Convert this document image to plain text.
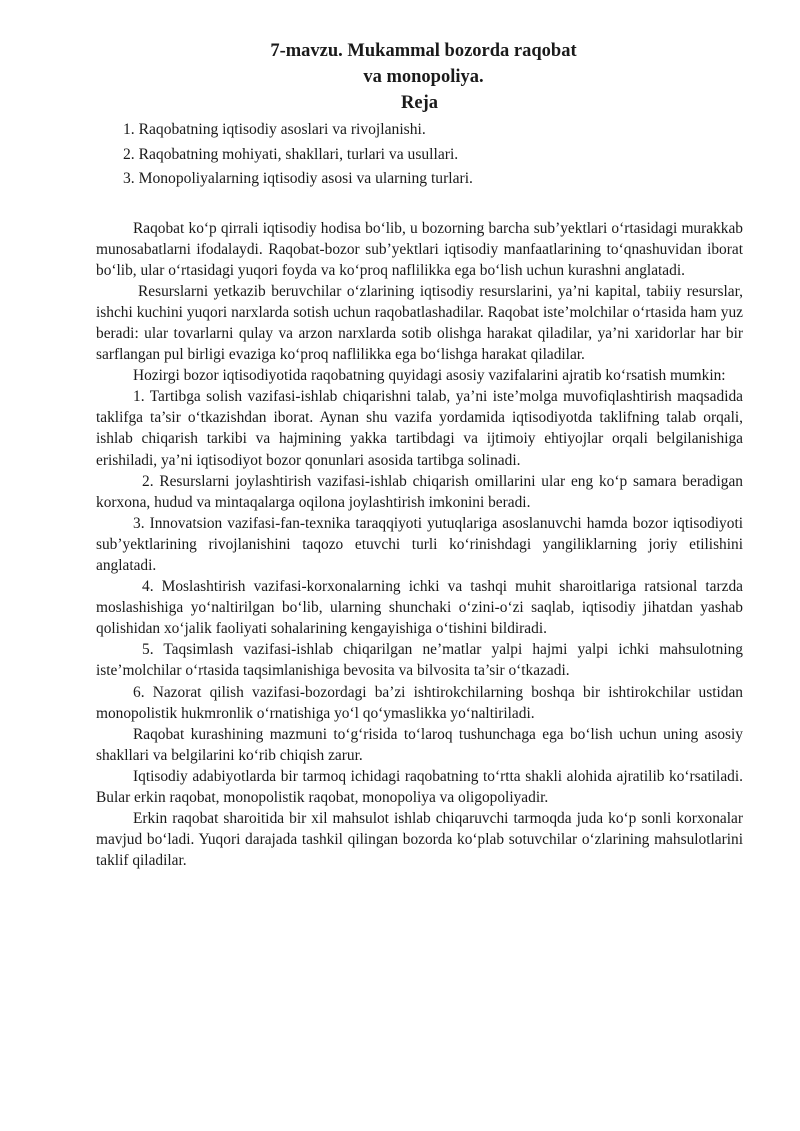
7-mavzu. Mukammal bozorda raqobat
va monopoliya.
Reja
1. Raqobatning iqtisodiy asoslari va rivojlanishi.
2. Raqobatning mohiyati, shakllari, turlari va usullari.
3. Monopoliyalarning iqtisodiy asosi va ularning turlari.

Raqobat ko‘p qirrali iqtisodiy hodisa bo‘lib, u bozorning barcha sub’yektlari o‘rtasidagi murakkab munosabatlarni ifodalaydi. Raqobat-bozor sub’yektlari iqtisodiy manfaatlarining to‘qnashuvidan iborat bo‘lib, ular o‘rtasidagi yuqori foyda va ko‘proq naflilikka ega bo‘lish uchun kurashni anglatadi.

Resurslarni yetkazib beruvchilar o‘zlarining iqtisodiy resurslarini, ya’ni kapital, tabiiy resurslar, ishchi kuchini yuqori narxlarda sotish uchun raqobatlashadilar. Raqobat iste’molchilar o‘rtasida ham yuz beradi: ular tovarlarni qulay va arzon narxlarda sotib olishga harakat qiladilar, ya’ni xaridorlar har bir sarflangan pul birligi evaziga ko‘proq naflilikka ega bo‘lishga harakat qiladilar.

Hozirgi bozor iqtisodiyotida raqobatning quyidagi asosiy vazifalarini ajratib ko‘rsatish mumkin:

1. Tartibga solish vazifasi-ishlab chiqarishni talab, ya’ni iste’molga muvofiqlashtirish maqsadida taklifga ta’sir o‘tkazishdan iborat. Aynan shu vazifa yordamida iqtisodiyotda taklifning talab orqali, ishlab chiqarish tarkibi va hajmining yakka tartibdagi va ijtimoiy ehtiyojlar orqali belgilanishiga erishiladi, ya’ni iqtisodiyot bozor qonunlari asosida tartibga solinadi.

2. Resurslarni joylashtirish vazifasi-ishlab chiqarish omillarini ular eng ko‘p samara beradigan korxona, hudud va mintaqalarga oqilona joylashtirish imkonini beradi.

3. Innovatsion vazifasi-fan-texnika taraqqiyoti yutuqlariga asoslanuvchi hamda bozor iqtisodiyoti sub’yektlarining rivojlanishini taqozo etuvchi turli ko‘rinishdagi yangiliklarning joriy etilishini anglatadi.

4. Moslashtirish vazifasi-korxonalarning ichki va tashqi muhit sharoitlariga ratsional tarzda moslashishiga yo‘naltirilgan bo‘lib, ularning shunchaki o‘zini-o‘zi saqlab, iqtisodiy jihatdan yashab qolishidan xo‘jalik faoliyati sohalarining kengayishiga o‘tishini bildiradi.

5. Taqsimlash vazifasi-ishlab chiqarilgan ne’matlar yalpi hajmi yalpi ichki mahsulotning iste’molchilar o‘rtasida taqsimlanishiga bevosita va bilvosita ta’sir o‘tkazadi.

6. Nazorat qilish vazifasi-bozordagi ba’zi ishtirokchilarning boshqa bir ishtirokchilar ustidan monopolistik hukmronlik o‘rnatishiga yo‘l qo‘ymaslikka yo‘naltiriladi.

Raqobat kurashining mazmuni to‘g‘risida to‘laroq tushunchaga ega bo‘lish uchun uning asosiy shakllari va belgilarini ko‘rib chiqish zarur.

Iqtisodiy adabiyotlarda bir tarmoq ichidagi raqobatning to‘rtta shakli alohida ajratilib ko‘rsatiladi. Bular erkin raqobat, monopolistik raqobat, monopoliya va oligopoliyadir.

Erkin raqobat sharoitida bir xil mahsulot ishlab chiqaruvchi tarmoqda juda ko‘p sonli korxonalar mavjud bo‘ladi. Yuqori darajada tashkil qilingan bozorda ko‘plab sotuvchilar o‘zlarining mahsulotlarini taklif qiladilar.
